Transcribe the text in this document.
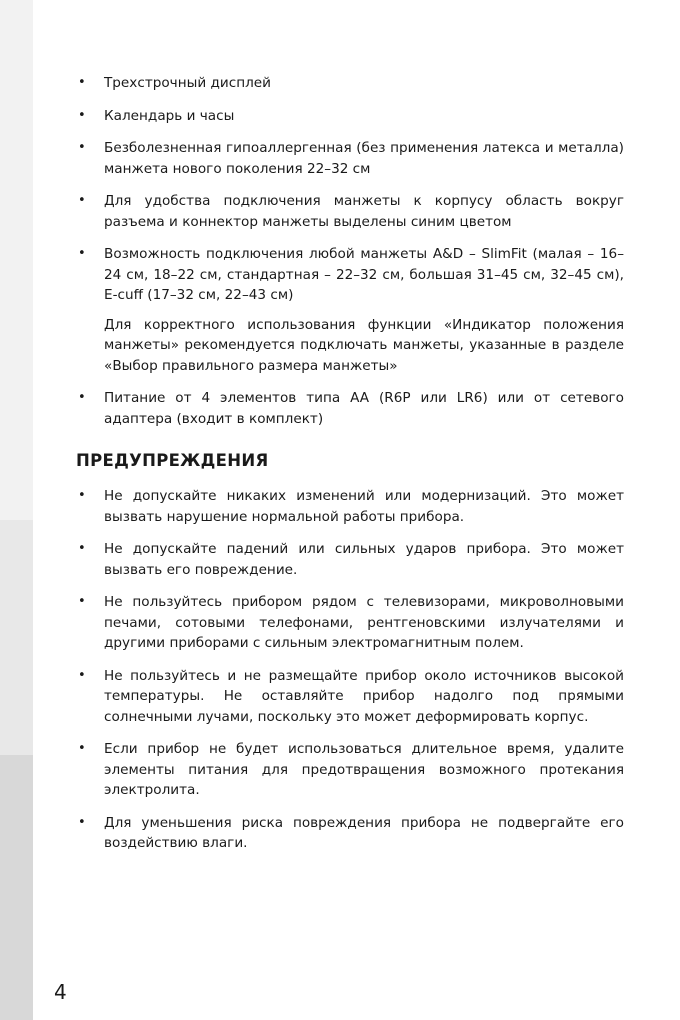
• Трехстрочный дисплей
• Календарь и часы
• Безболезненная гипоаллергенная (без применения латекса и металла) манжета нового поколения 22–32 см
• Для удобства подключения манжеты к корпусу область вокруг разъема и коннектор манжеты выделены синим цветом
• Возможность подключения любой манжеты A&D – SlimFit (малая – 16–24 см, 18–22 см, стандартная – 22–32 см, большая 31–45 см, 32–45 см), E-cuff (17–32 см, 22–43 см)
Для корректного использования функции «Индикатор положения манжеты» рекомендуется подключать манжеты, указанные в разделе «Выбор правильного размера манжеты»
• Питание от 4 элементов типа AA (R6P или LR6) или от сетевого адаптера (входит в комплект)
ПРЕДУПРЕЖДЕНИЯ
• Не допускайте никаких изменений или модернизаций. Это может вызвать нарушение нормальной работы прибора.
• Не допускайте падений или сильных ударов прибора. Это может вызвать его повреждение.
• Не пользуйтесь прибором рядом с телевизорами, микроволновыми печами, сотовыми телефонами, рентгеновскими излучателями и другими приборами с сильным электромагнитным полем.
• Не пользуйтесь и не размещайте прибор около источников высокой температуры. Не оставляйте прибор надолго под прямыми солнечными лучами, поскольку это может деформировать корпус.
• Если прибор не будет использоваться длительное время, удалите элементы питания для предотвращения возможного протекания электролита.
• Для уменьшения риска повреждения прибора не подвергайте его воздействию влаги.
4
